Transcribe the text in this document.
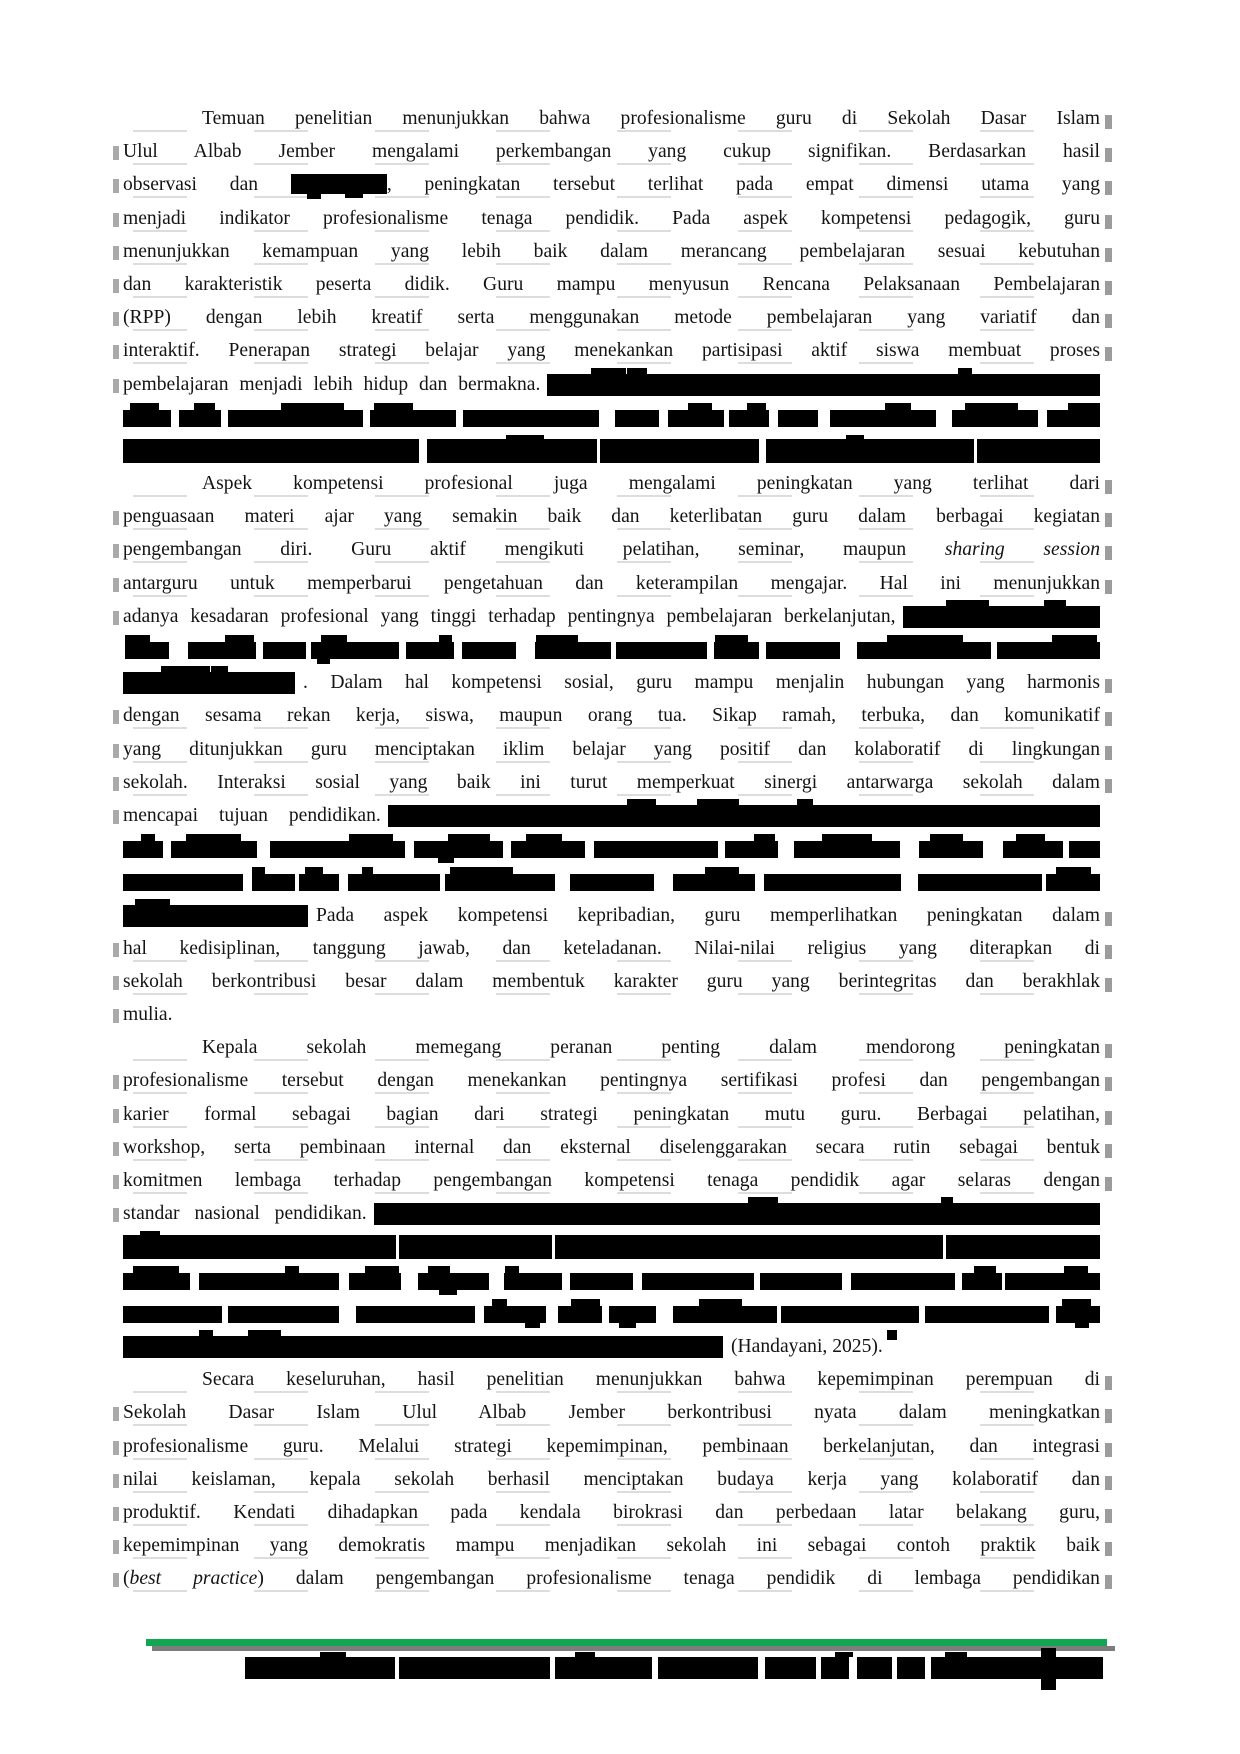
Temuan penelitian menunjukkan bahwa profesionalisme guru di Sekolah Dasar Islam
Ulul Albab Jember mengalami perkembangan yang cukup signifikan. Berdasarkan hasil
observasi dan	, peningkatan tersebut terlihat pada empat dimensi utama yang
menjadi indikator profesionalisme tenaga pendidik. Pada aspek kompetensi pedagogik, guru
menunjukkan kemampuan yang lebih baik dalam merancang pembelajaran sesuai kebutuhan
dan karakteristik peserta didik. Guru mampu menyusun Rencana Pelaksanaan Pembelajaran
(RPP) dengan lebih kreatif serta menggunakan metode pembelajaran yang variatif dan
interaktif. Penerapan strategi belajar yang menekankan partisipasi aktif siswa membuat proses
pembelajaran menjadi lebih hidup dan bermakna.
Aspek kompetensi profesional juga mengalami peningkatan yang terlihat dari
penguasaan materi ajar yang semakin baik dan keterlibatan guru dalam berbagai kegiatan
pengembangan diri. Guru aktif mengikuti pelatihan, seminar, maupun sharing session
antarguru untuk memperbarui pengetahuan dan keterampilan mengajar. Hal ini menunjukkan
adanya kesadaran profesional yang tinggi terhadap pentingnya pembelajaran berkelanjutan,
. Dalam hal kompetensi sosial, guru mampu menjalin hubungan yang harmonis
dengan sesama rekan kerja, siswa, maupun orang tua. Sikap ramah, terbuka, dan komunikatif
yang ditunjukkan guru menciptakan iklim belajar yang positif dan kolaboratif di lingkungan
sekolah. Interaksi sosial yang baik ini turut memperkuat sinergi antarwarga sekolah dalam
mencapai tujuan pendidikan.
Pada aspek kompetensi kepribadian, guru memperlihatkan peningkatan dalam
hal kedisiplinan, tanggung jawab, dan keteladanan. Nilai-nilai religius yang diterapkan di
sekolah berkontribusi besar dalam membentuk karakter guru yang berintegritas dan berakhlak
mulia.
Kepala sekolah memegang peranan penting dalam mendorong peningkatan
profesionalisme tersebut dengan menekankan pentingnya sertifikasi profesi dan pengembangan
karier formal sebagai bagian dari strategi peningkatan mutu guru. Berbagai pelatihan,
workshop, serta pembinaan internal dan eksternal diselenggarakan secara rutin sebagai bentuk
komitmen lembaga terhadap pengembangan kompetensi tenaga pendidik agar selaras dengan
standar nasional pendidikan.
(Handayani, 2025).
Secara keseluruhan, hasil penelitian menunjukkan bahwa kepemimpinan perempuan di
Sekolah Dasar Islam Ulul Albab Jember berkontribusi nyata dalam meningkatkan
profesionalisme guru. Melalui strategi kepemimpinan, pembinaan berkelanjutan, dan integrasi
nilai keislaman, kepala sekolah berhasil menciptakan budaya kerja yang kolaboratif dan
produktif. Kendati dihadapkan pada kendala birokrasi dan perbedaan latar belakang guru,
kepemimpinan yang demokratis mampu menjadikan sekolah ini sebagai contoh praktik baik
(best practice) dalam pengembangan profesionalisme tenaga pendidik di lembaga pendidikan
